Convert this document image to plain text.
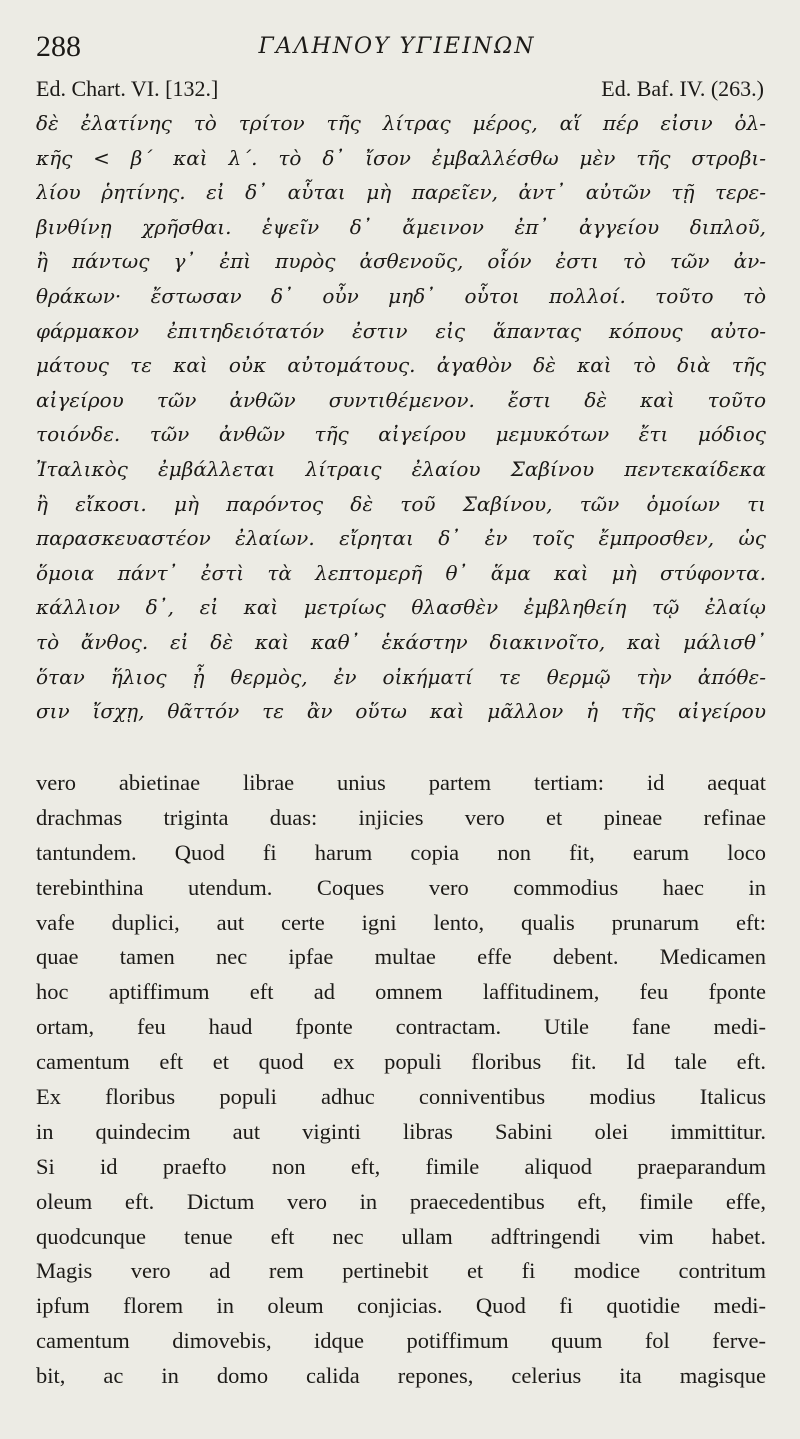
288	ΓΑΛΗΝΟΥ ΥΓΙΕΙΝΩΝ
Ed. Chart. VI. [132.]	Ed. Baf. IV. (263.)
δὲ ἐλατίνης τὸ τρίτον τῆς λίτρας μέρος, αἵ πέρ εἰσιν ὁλ-
κῆς < β΄ καὶ λ΄. τὸ δ᾽ ἴσον ἐμβαλλέσθω μὲν τῆς στροβι-
λίου ῥητίνης. εἰ δ᾽ αὗται μὴ παρεῖεν, ἀντ᾽ αὐτῶν τῇ τερε-
βινθίνῃ χρῆσθαι. ἑψεῖν δ᾽ ἄμεινον ἐπ᾽ ἀγγείου διπλοῦ,
ἢ πάντως γ᾽ ἐπὶ πυρὸς ἀσθενοῦς, οἷόν ἐστι τὸ τῶν ἀν-
θράκων· ἔστωσαν δ᾽ οὖν μηδ᾽ οὗτοι πολλοί. τοῦτο τὸ
φάρμακον ἐπιτηδειότατόν ἐστιν εἰς ἅπαντας κόπους αὐτο-
μάτους τε καὶ οὐκ αὐτομάτους. ἀγαθὸν δὲ καὶ τὸ διὰ τῆς
αἰγείρου τῶν ἀνθῶν συντιθέμενον. ἔστι δὲ καὶ τοῦτο
τοιόνδε. τῶν ἀνθῶν τῆς αἰγείρου μεμυκότων ἔτι μόδιος
Ἰταλικὸς ἐμβάλλεται λίτραις ἐλαίου Σαβίνου πεντεκαίδεκα
ἢ εἴκοσι. μὴ παρόντος δὲ τοῦ Σαβίνου, τῶν ὁμοίων τι
παρασκευαστέον ἐλαίων. εἴρηται δ᾽ ἐν τοῖς ἔμπροσθεν, ὡς
ὅμοια πάντ᾽ ἐστὶ τὰ λεπτομερῆ θ᾽ ἅμα καὶ μὴ στύφοντα.
κάλλιον δ᾽, εἰ καὶ μετρίως θλασθὲν ἐμβληθείη τῷ ἐλαίῳ
τὸ ἄνθος. εἰ δὲ καὶ καθ᾽ ἑκάστην διακινοῖτο, καὶ μάλισθ᾽
ὅταν ἥλιος ᾖ θερμὸς, ἐν οἰκήματί τε θερμῷ τὴν ἀπόθε-
σιν ἴσχῃ, θᾶττόν τε ἂν οὕτω καὶ μᾶλλον ἡ τῆς αἰγείρου
vero abietinae librae unius partem tertiam: id aequat
drachmas triginta duas: injicies vero et pineae refinae
tantundem. Quod fi harum copia non fit, earum loco
terebinthina utendum. Coques vero commodius haec in
vafe duplici, aut certe igni lento, qualis prunarum eft:
quae tamen nec ipfae multae effe debent. Medicamen
hoc aptiffimum eft ad omnem laffitudinem, feu fponte
ortam, feu haud fponte contractam. Utile fane medi-
camentum eft et quod ex populi floribus fit. Id tale eft.
Ex floribus populi adhuc conniventibus modius Italicus
in quindecim aut viginti libras Sabini olei immittitur.
Si id praefto non eft, fimile aliquod praeparandum
oleum eft. Dictum vero in praecedentibus eft, fimile effe,
quodcunque tenue eft nec ullam adftringendi vim habet.
Magis vero ad rem pertinebit et fi modice contritum
ipfum florem in oleum conjicias. Quod fi quotidie medi-
camentum dimovebis, idque potiffimum quum fol ferve-
bit, ac in domo calida repones, celerius ita magisque
